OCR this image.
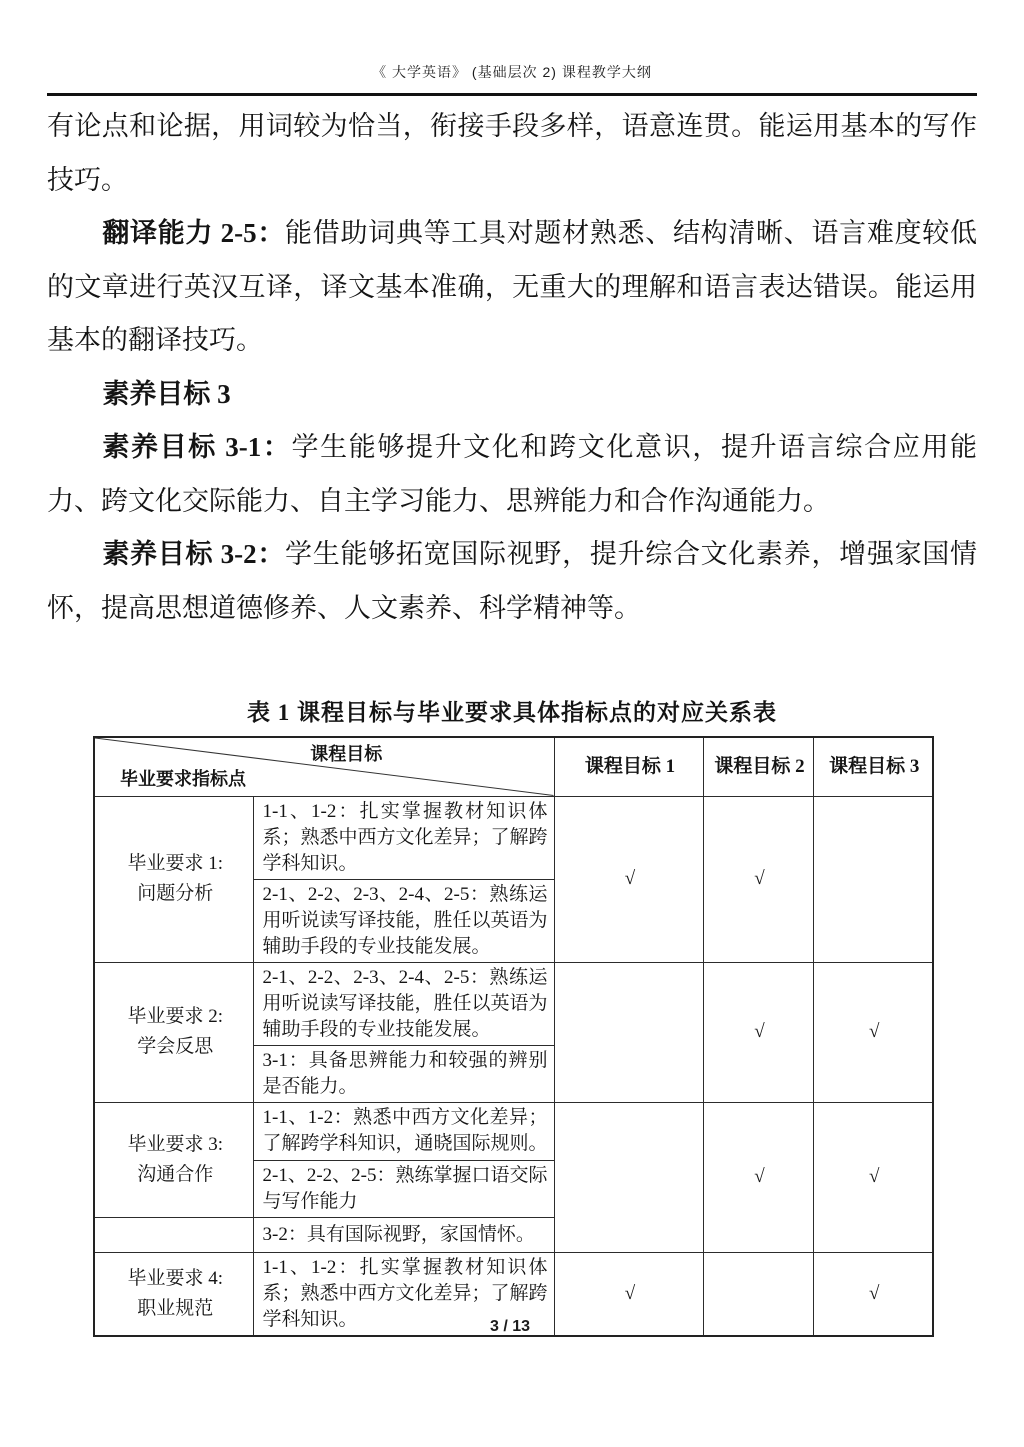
《 大学英语》 (基础层次 2) 课程教学大纲

有论点和论据，用词较为恰当，衔接手段多样，语意连贯。能运用基本的写作技巧。

翻译能力 2-5：能借助词典等工具对题材熟悉、结构清晰、语言难度较低的文章进行英汉互译，译文基本准确，无重大的理解和语言表达错误。能运用基本的翻译技巧。

素养目标 3

素养目标 3-1：学生能够提升文化和跨文化意识，提升语言综合应用能力、跨文化交际能力、自主学习能力、思辨能力和合作沟通能力。

素养目标 3-2：学生能够拓宽国际视野，提升综合文化素养，增强家国情怀，提高思想道德修养、人文素养、科学精神等。

表 1 课程目标与毕业要求具体指标点的对应关系表
课程目标
毕业要求指标点		课程目标 1	课程目标 2	课程目标 3

毕业要求 1:
问题分析	1-1、1-2：扎实掌握教材知识体系；熟悉中西方文化差异；了解跨学科知识。	√	√	
	2-1、2-2、2-3、2-4、2-5：熟练运用听说读写译技能，胜任以英语为辅助手段的专业技能发展。			

毕业要求 2:
学会反思	2-1、2-2、2-3、2-4、2-5：熟练运用听说读写译技能，胜任以英语为辅助手段的专业技能发展。		√	√
	3-1：具备思辨能力和较强的辨别是否能力。			

毕业要求 3:
沟通合作	1-1、1-2：熟悉中西方文化差异；了解跨学科知识，通晓国际规则。		√	√
	2-1、2-2、2-5：熟练掌握口语交际与写作能力			
	3-2：具有国际视野，家国情怀。			

毕业要求 4:
职业规范	1-1、1-2：扎实掌握教材知识体系；熟悉中西方文化差异；了解跨学科知识。	√		√
3 / 13
